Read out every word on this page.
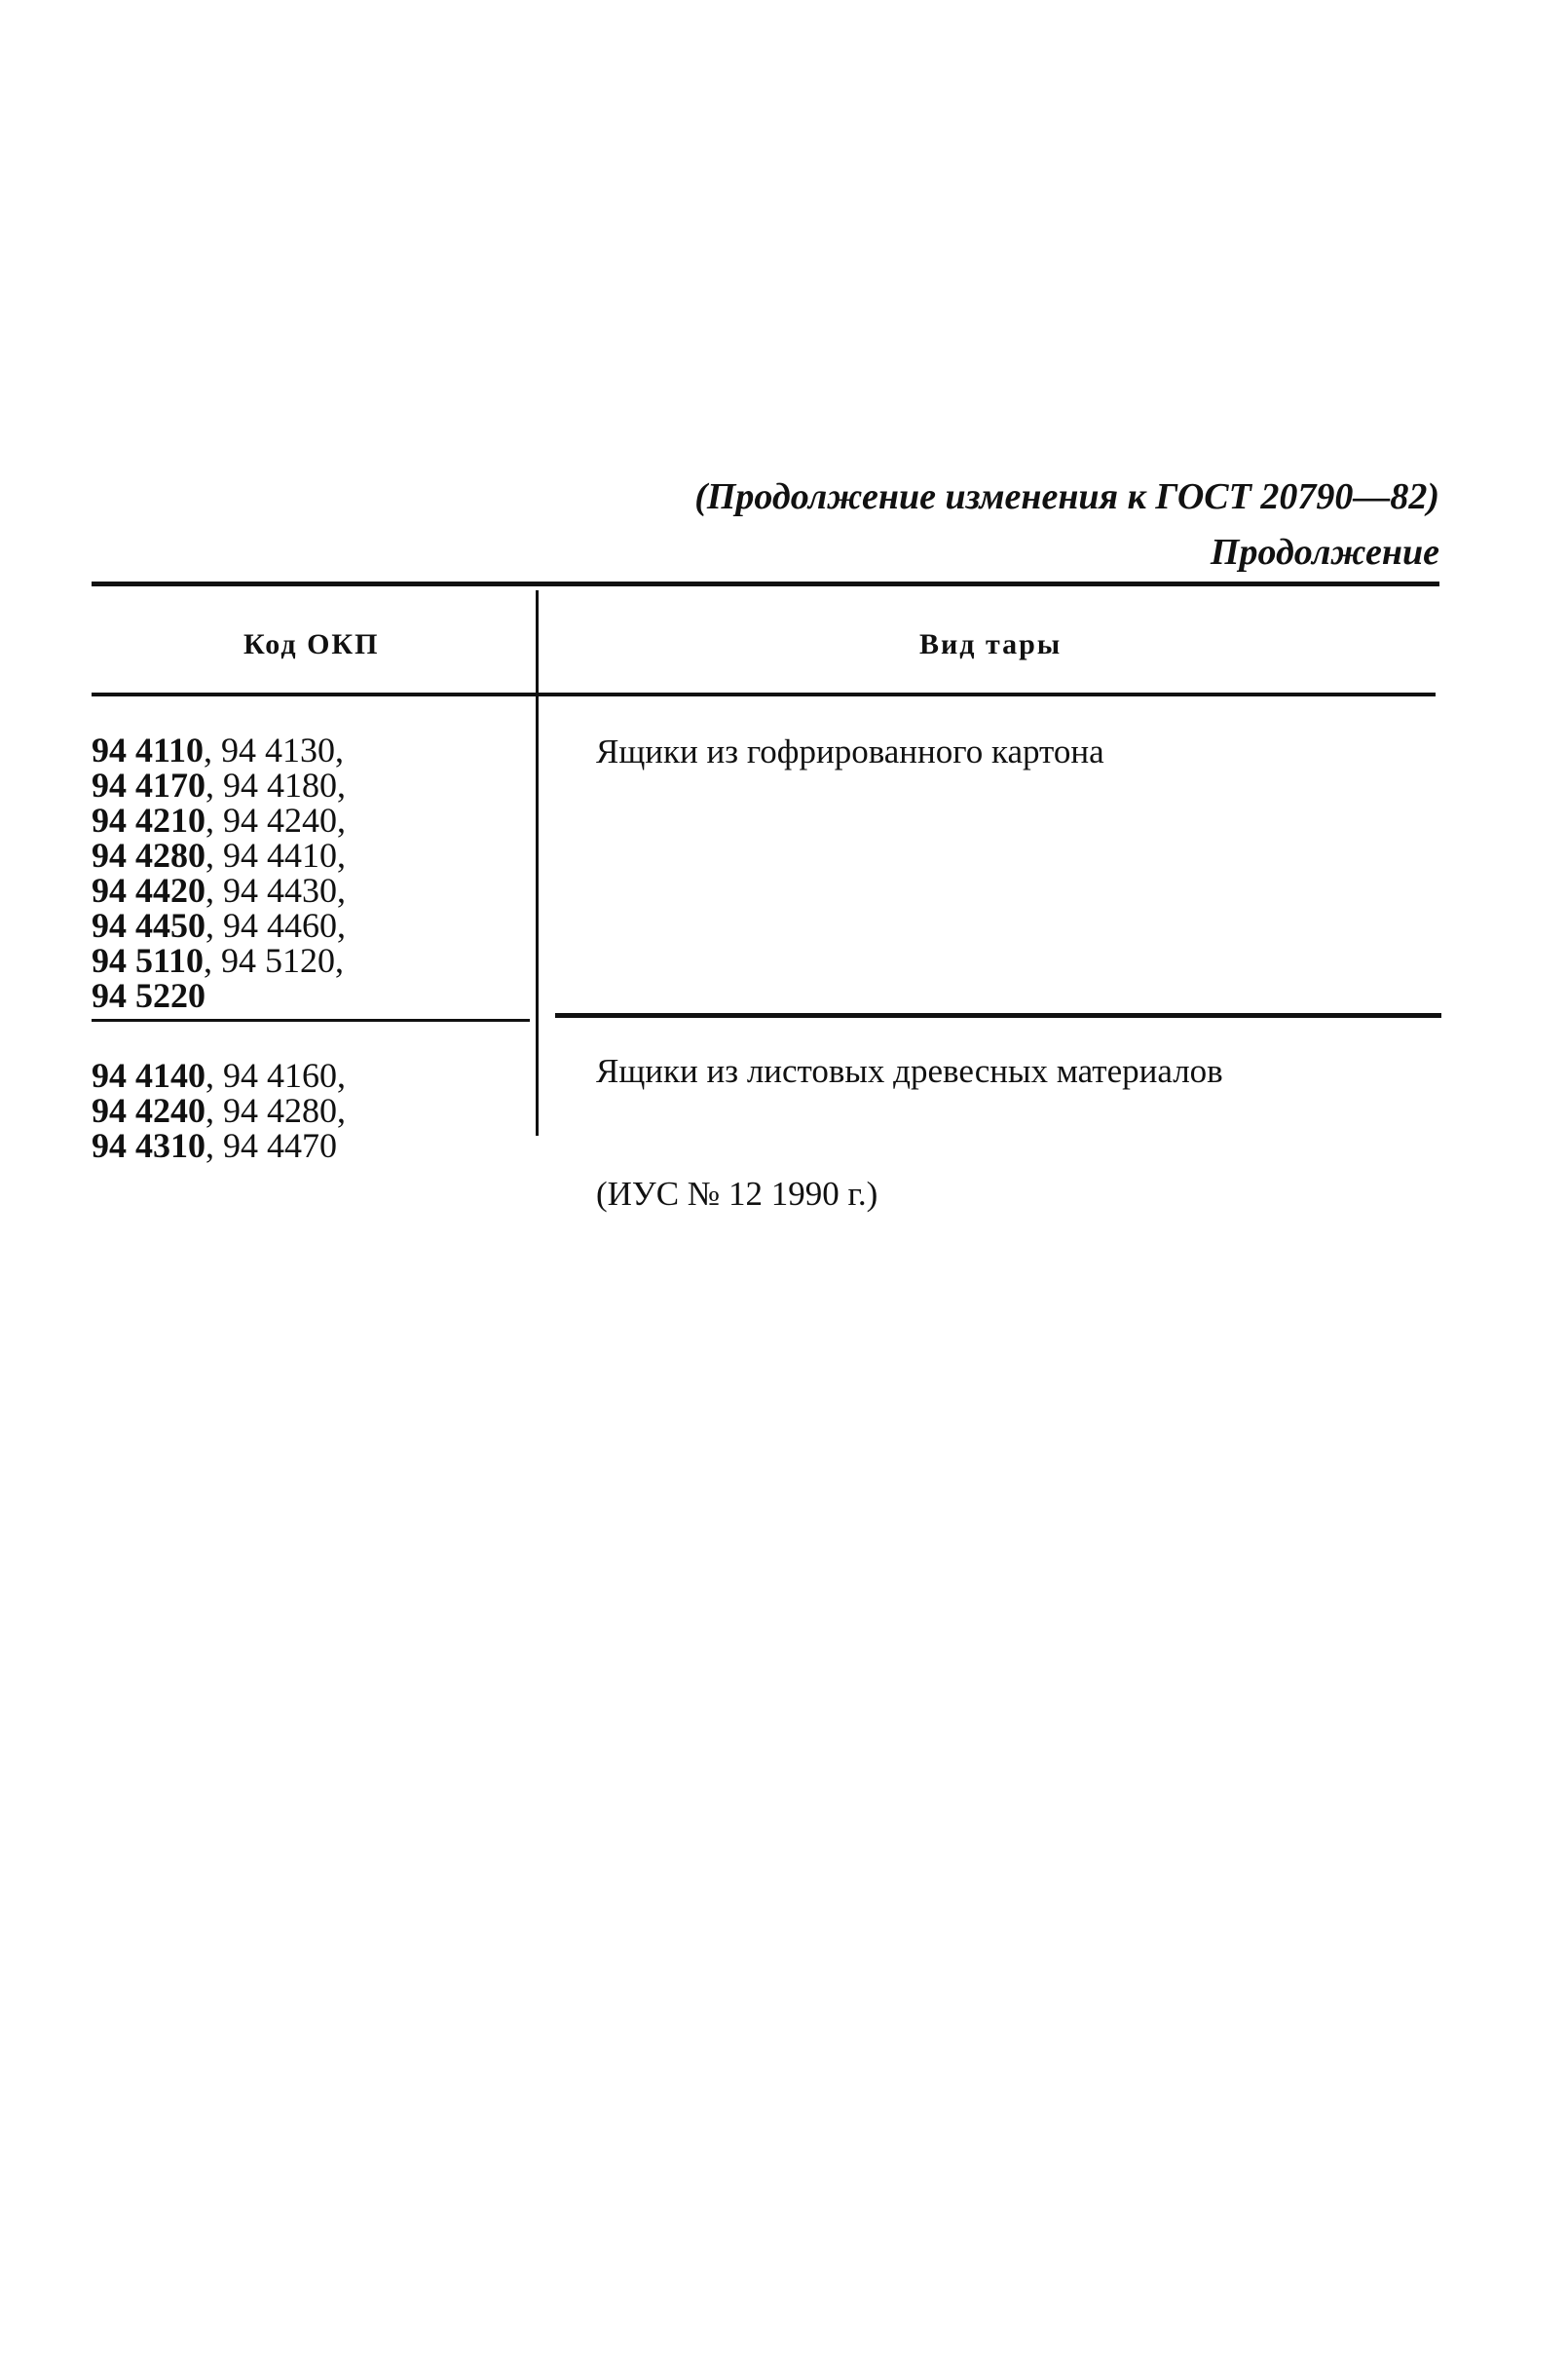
(Продолжение изменения к ГОСТ 20790—82)
Продолжение
Код ОКП	Вид тары
94 4110, 94 4130,
94 4170, 94 4180,
94 4210, 94 4240,
94 4280, 94 4410,
94 4420, 94 4430,
94 4450, 94 4460,
94 5110, 94 5120,
94 5220
Ящики из гофрированного картона
94 4140, 94 4160,
94 4240, 94 4280,
94 4310, 94 4470
Ящики из листовых древесных материалов
(ИУС № 12 1990 г.)
